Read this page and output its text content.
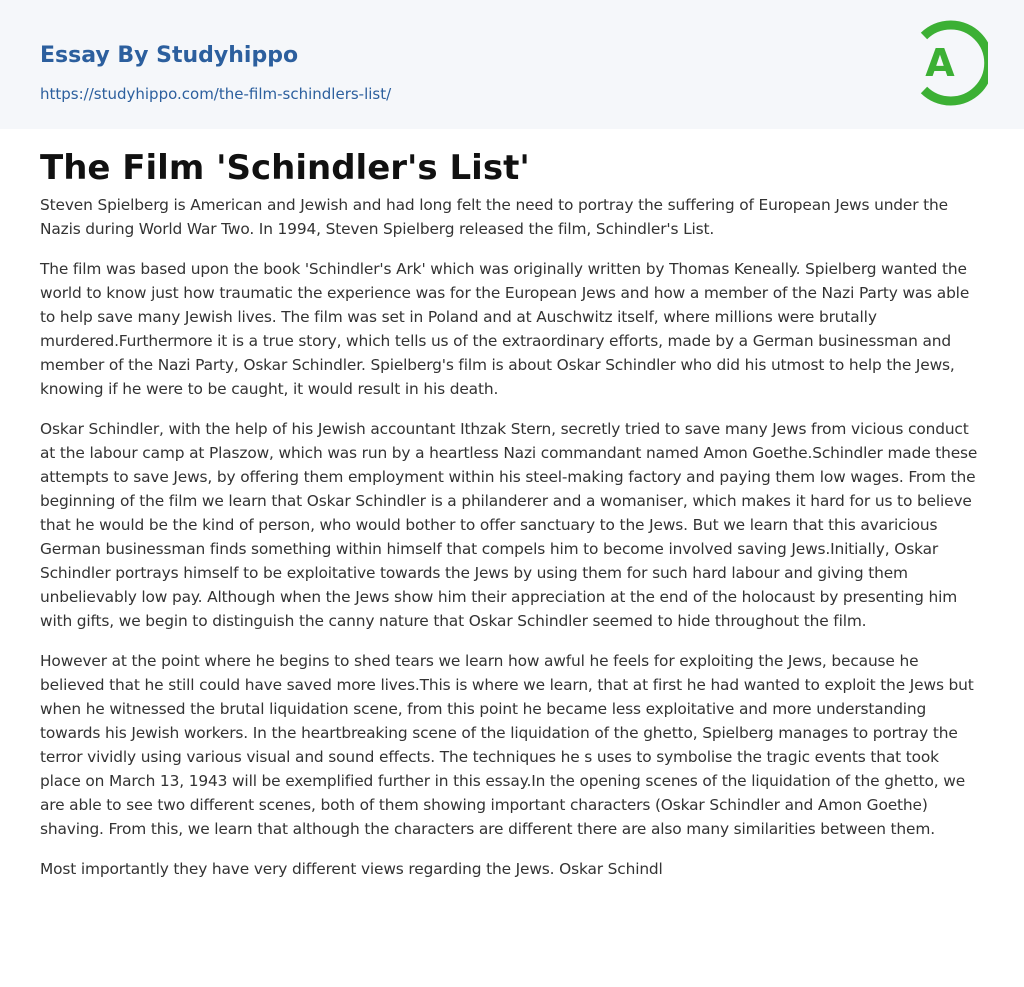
Essay By Studyhippo
https://studyhippo.com/the-film-schindlers-list/
A
The Film 'Schindler's List'

Steven Spielberg is American and Jewish and had long felt the need to portray the suffering of European Jews under the Nazis during World War Two. In 1994, Steven Spielberg released the film, Schindler's List.

The film was based upon the book 'Schindler's Ark' which was originally written by Thomas Keneally. Spielberg wanted the world to know just how traumatic the experience was for the European Jews and how a member of the Nazi Party was able to help save many Jewish lives. The film was set in Poland and at Auschwitz itself, where millions were brutally murdered.Furthermore it is a true story, which tells us of the extraordinary efforts, made by a German businessman and member of the Nazi Party, Oskar Schindler. Spielberg's film is about Oskar Schindler who did his utmost to help the Jews, knowing if he were to be caught, it would result in his death.

Oskar Schindler, with the help of his Jewish accountant Ithzak Stern, secretly tried to save many Jews from vicious conduct at the labour camp at Plaszow, which was run by a heartless Nazi commandant named Amon Goethe.Schindler made these attempts to save Jews, by offering them employment within his steel-making factory and paying them low wages. From the beginning of the film we learn that Oskar Schindler is a philanderer and a womaniser, which makes it hard for us to believe that he would be the kind of person, who would bother to offer sanctuary to the Jews. But we learn that this avaricious German businessman finds something within himself that compels him to become involved saving Jews.Initially, Oskar Schindler portrays himself to be exploitative towards the Jews by using them for such hard labour and giving them unbelievably low pay. Although when the Jews show him their appreciation at the end of the holocaust by presenting him with gifts, we begin to distinguish the canny nature that Oskar Schindler seemed to hide throughout the film.

However at the point where he begins to shed tears we learn how awful he feels for exploiting the Jews, because he believed that he still could have saved more lives.This is where we learn, that at first he had wanted to exploit the Jews but when he witnessed the brutal liquidation scene, from this point he became less exploitative and more understanding towards his Jewish workers. In the heartbreaking scene of the liquidation of the ghetto, Spielberg manages to portray the terror vividly using various visual and sound effects. The techniques he s uses to symbolise the tragic events that took place on March 13, 1943 will be exemplified further in this essay.In the opening scenes of the liquidation of the ghetto, we are able to see two different scenes, both of them showing important characters (Oskar Schindler and Amon Goethe) shaving. From this, we learn that although the characters are different there are also many similarities between them.

Most importantly they have very different views regarding the Jews. Oskar Schindl
